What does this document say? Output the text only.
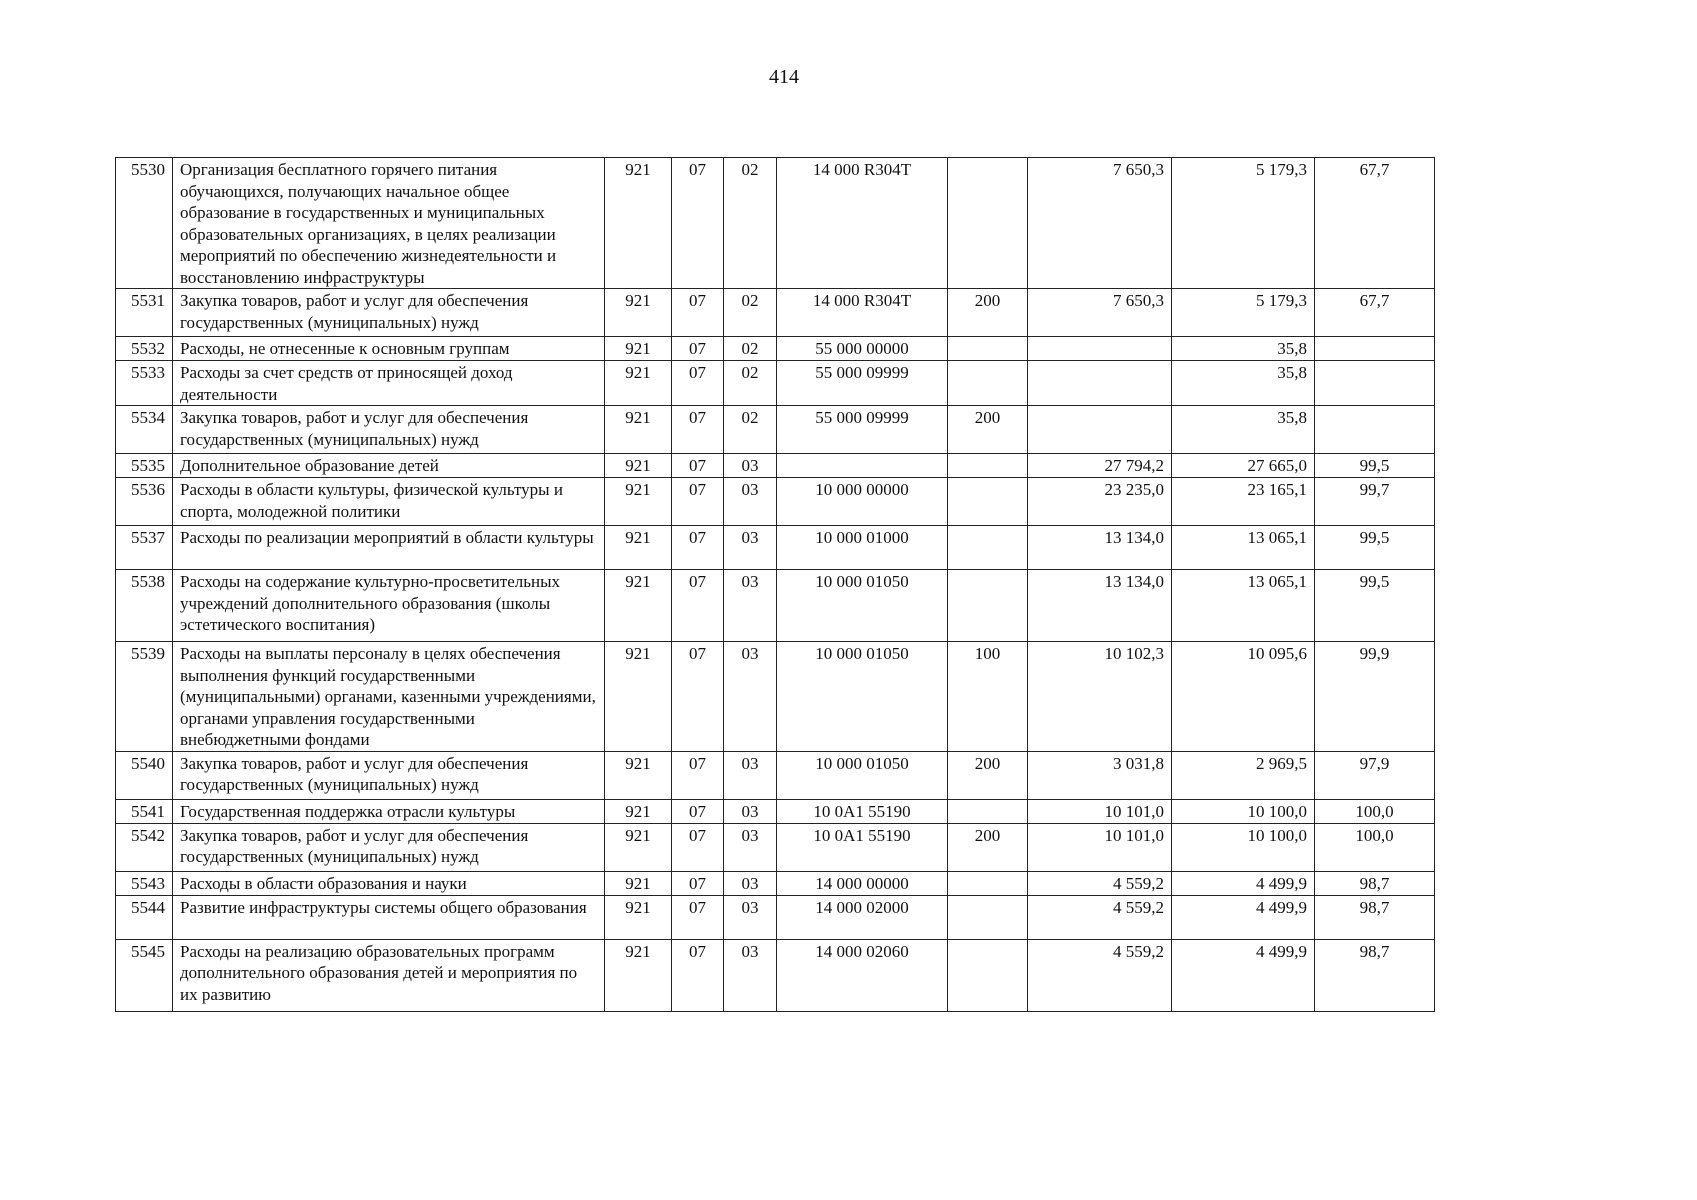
414
5530	Организация бесплатного горячего питания обучающихся, получающих начальное общее образование в государственных и муниципальных образовательных организациях, в целях реализации мероприятий по обеспечению жизнедеятельности и восстановлению инфраструктуры	921	07	02	14 000 R304T		7 650,3	5 179,3	67,7
5531	Закупка товаров, работ и услуг для обеспечения государственных (муниципальных) нужд	921	07	02	14 000 R304T	200	7 650,3	5 179,3	67,7
5532	Расходы, не отнесенные к основным группам	921	07	02	55 000 00000			35,8	
5533	Расходы за счет средств от приносящей доход деятельности	921	07	02	55 000 09999			35,8	
5534	Закупка товаров, работ и услуг для обеспечения государственных (муниципальных) нужд	921	07	02	55 000 09999	200		35,8	
5535	Дополнительное образование детей	921	07	03			27 794,2	27 665,0	99,5
5536	Расходы в области культуры, физической культуры и спорта, молодежной политики	921	07	03	10 000 00000		23 235,0	23 165,1	99,7
5537	Расходы по реализации мероприятий в области культуры	921	07	03	10 000 01000		13 134,0	13 065,1	99,5
5538	Расходы на содержание культурно-просветительных учреждений дополнительного образования (школы эстетического воспитания)	921	07	03	10 000 01050		13 134,0	13 065,1	99,5
5539	Расходы на выплаты персоналу в целях обеспечения выполнения функций государственными (муниципальными) органами, казенными учреждениями, органами управления государственными внебюджетными фондами	921	07	03	10 000 01050	100	10 102,3	10 095,6	99,9
5540	Закупка товаров, работ и услуг для обеспечения государственных (муниципальных) нужд	921	07	03	10 000 01050	200	3 031,8	2 969,5	97,9
5541	Государственная поддержка отрасли культуры	921	07	03	10 0A1 55190		10 101,0	10 100,0	100,0
5542	Закупка товаров, работ и услуг для обеспечения государственных (муниципальных) нужд	921	07	03	10 0A1 55190	200	10 101,0	10 100,0	100,0
5543	Расходы в области образования и науки	921	07	03	14 000 00000		4 559,2	4 499,9	98,7
5544	Развитие инфраструктуры системы общего образования	921	07	03	14 000 02000		4 559,2	4 499,9	98,7
5545	Расходы на реализацию образовательных программ дополнительного образования детей и мероприятия по их развитию	921	07	03	14 000 02060		4 559,2	4 499,9	98,7
